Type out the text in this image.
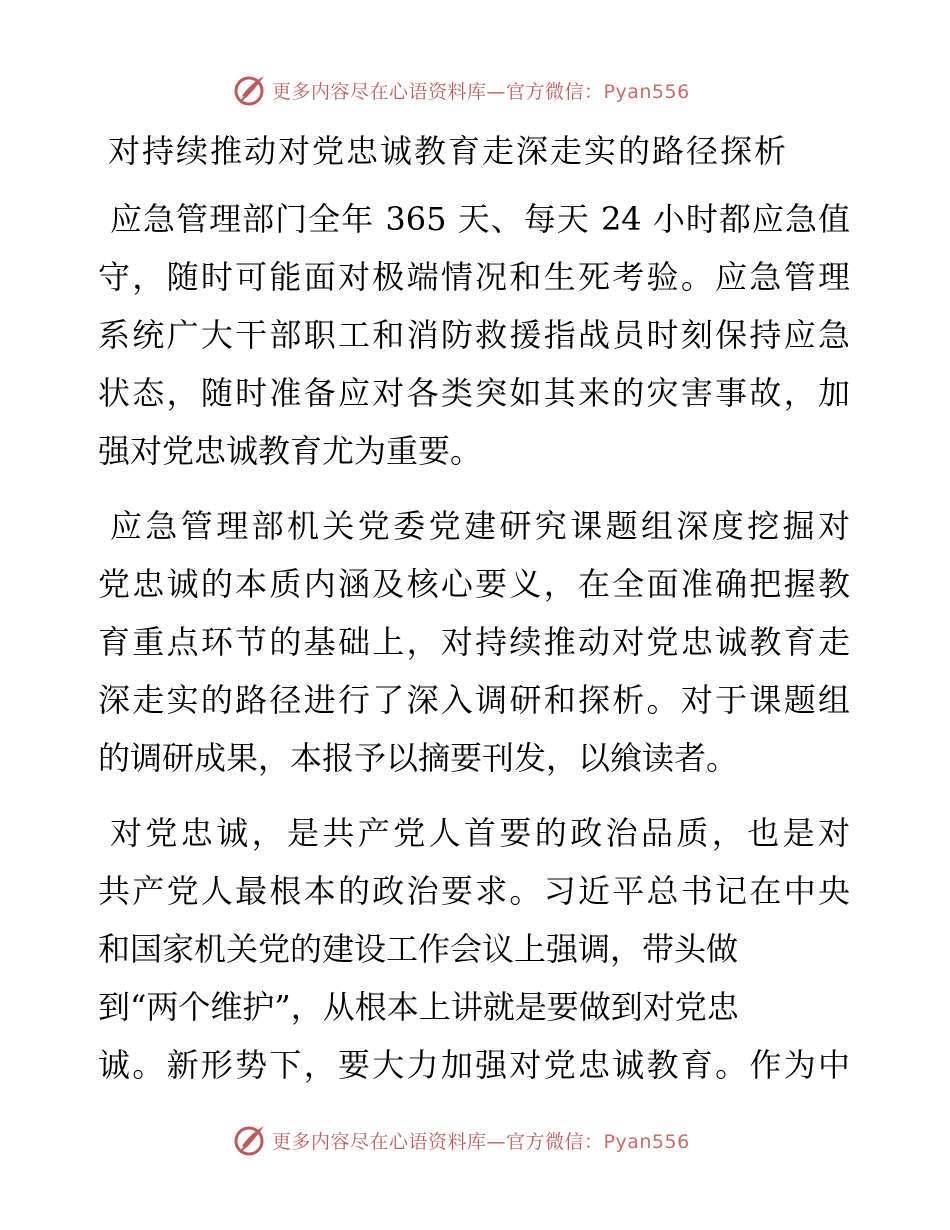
更多内容尽在心语资料库—官方微信：Pyan556
对持续推动对党忠诚教育走深走实的路径探析
应急管理部门全年 365 天、每天 24 小时都应急值
守，随时可能面对极端情况和生死考验。应急管理
系统广大干部职工和消防救援指战员时刻保持应急
状态，随时准备应对各类突如其来的灾害事故，加
强对党忠诚教育尤为重要。
应急管理部机关党委党建研究课题组深度挖掘对
党忠诚的本质内涵及核心要义，在全面准确把握教
育重点环节的基础上，对持续推动对党忠诚教育走
深走实的路径进行了深入调研和探析。对于课题组
的调研成果，本报予以摘要刊发，以飨读者。
对党忠诚，是共产党人首要的政治品质，也是对
共产党人最根本的政治要求。习近平总书记在中央
和国家机关党的建设工作会议上强调，带头做
到“两个维护”，从根本上讲就是要做到对党忠
诚。新形势下，要大力加强对党忠诚教育。作为中
更多内容尽在心语资料库—官方微信：Pyan556
